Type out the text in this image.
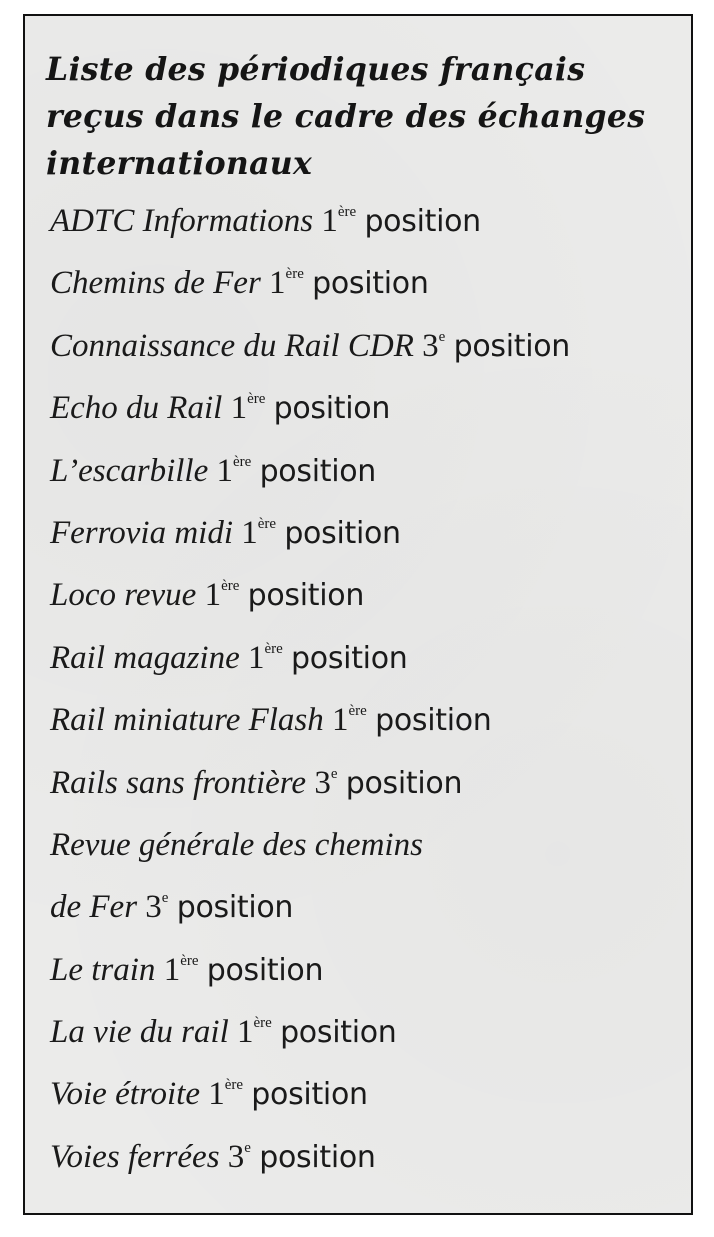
Liste des périodiques français
reçus dans le cadre des échanges
internationaux
ADTC Informations 1ère position
Chemins de Fer 1ère position
Connaissance du Rail CDR 3e position
Echo du Rail 1ère position
L’escarbille 1ère position
Ferrovia midi 1ère position
Loco revue 1ère position
Rail magazine 1ère position
Rail miniature Flash 1ère position
Rails sans frontière 3e position
Revue générale des chemins
de Fer 3e position
Le train 1ère position
La vie du rail 1ère position
Voie étroite 1ère position
Voies ferrées 3e position
